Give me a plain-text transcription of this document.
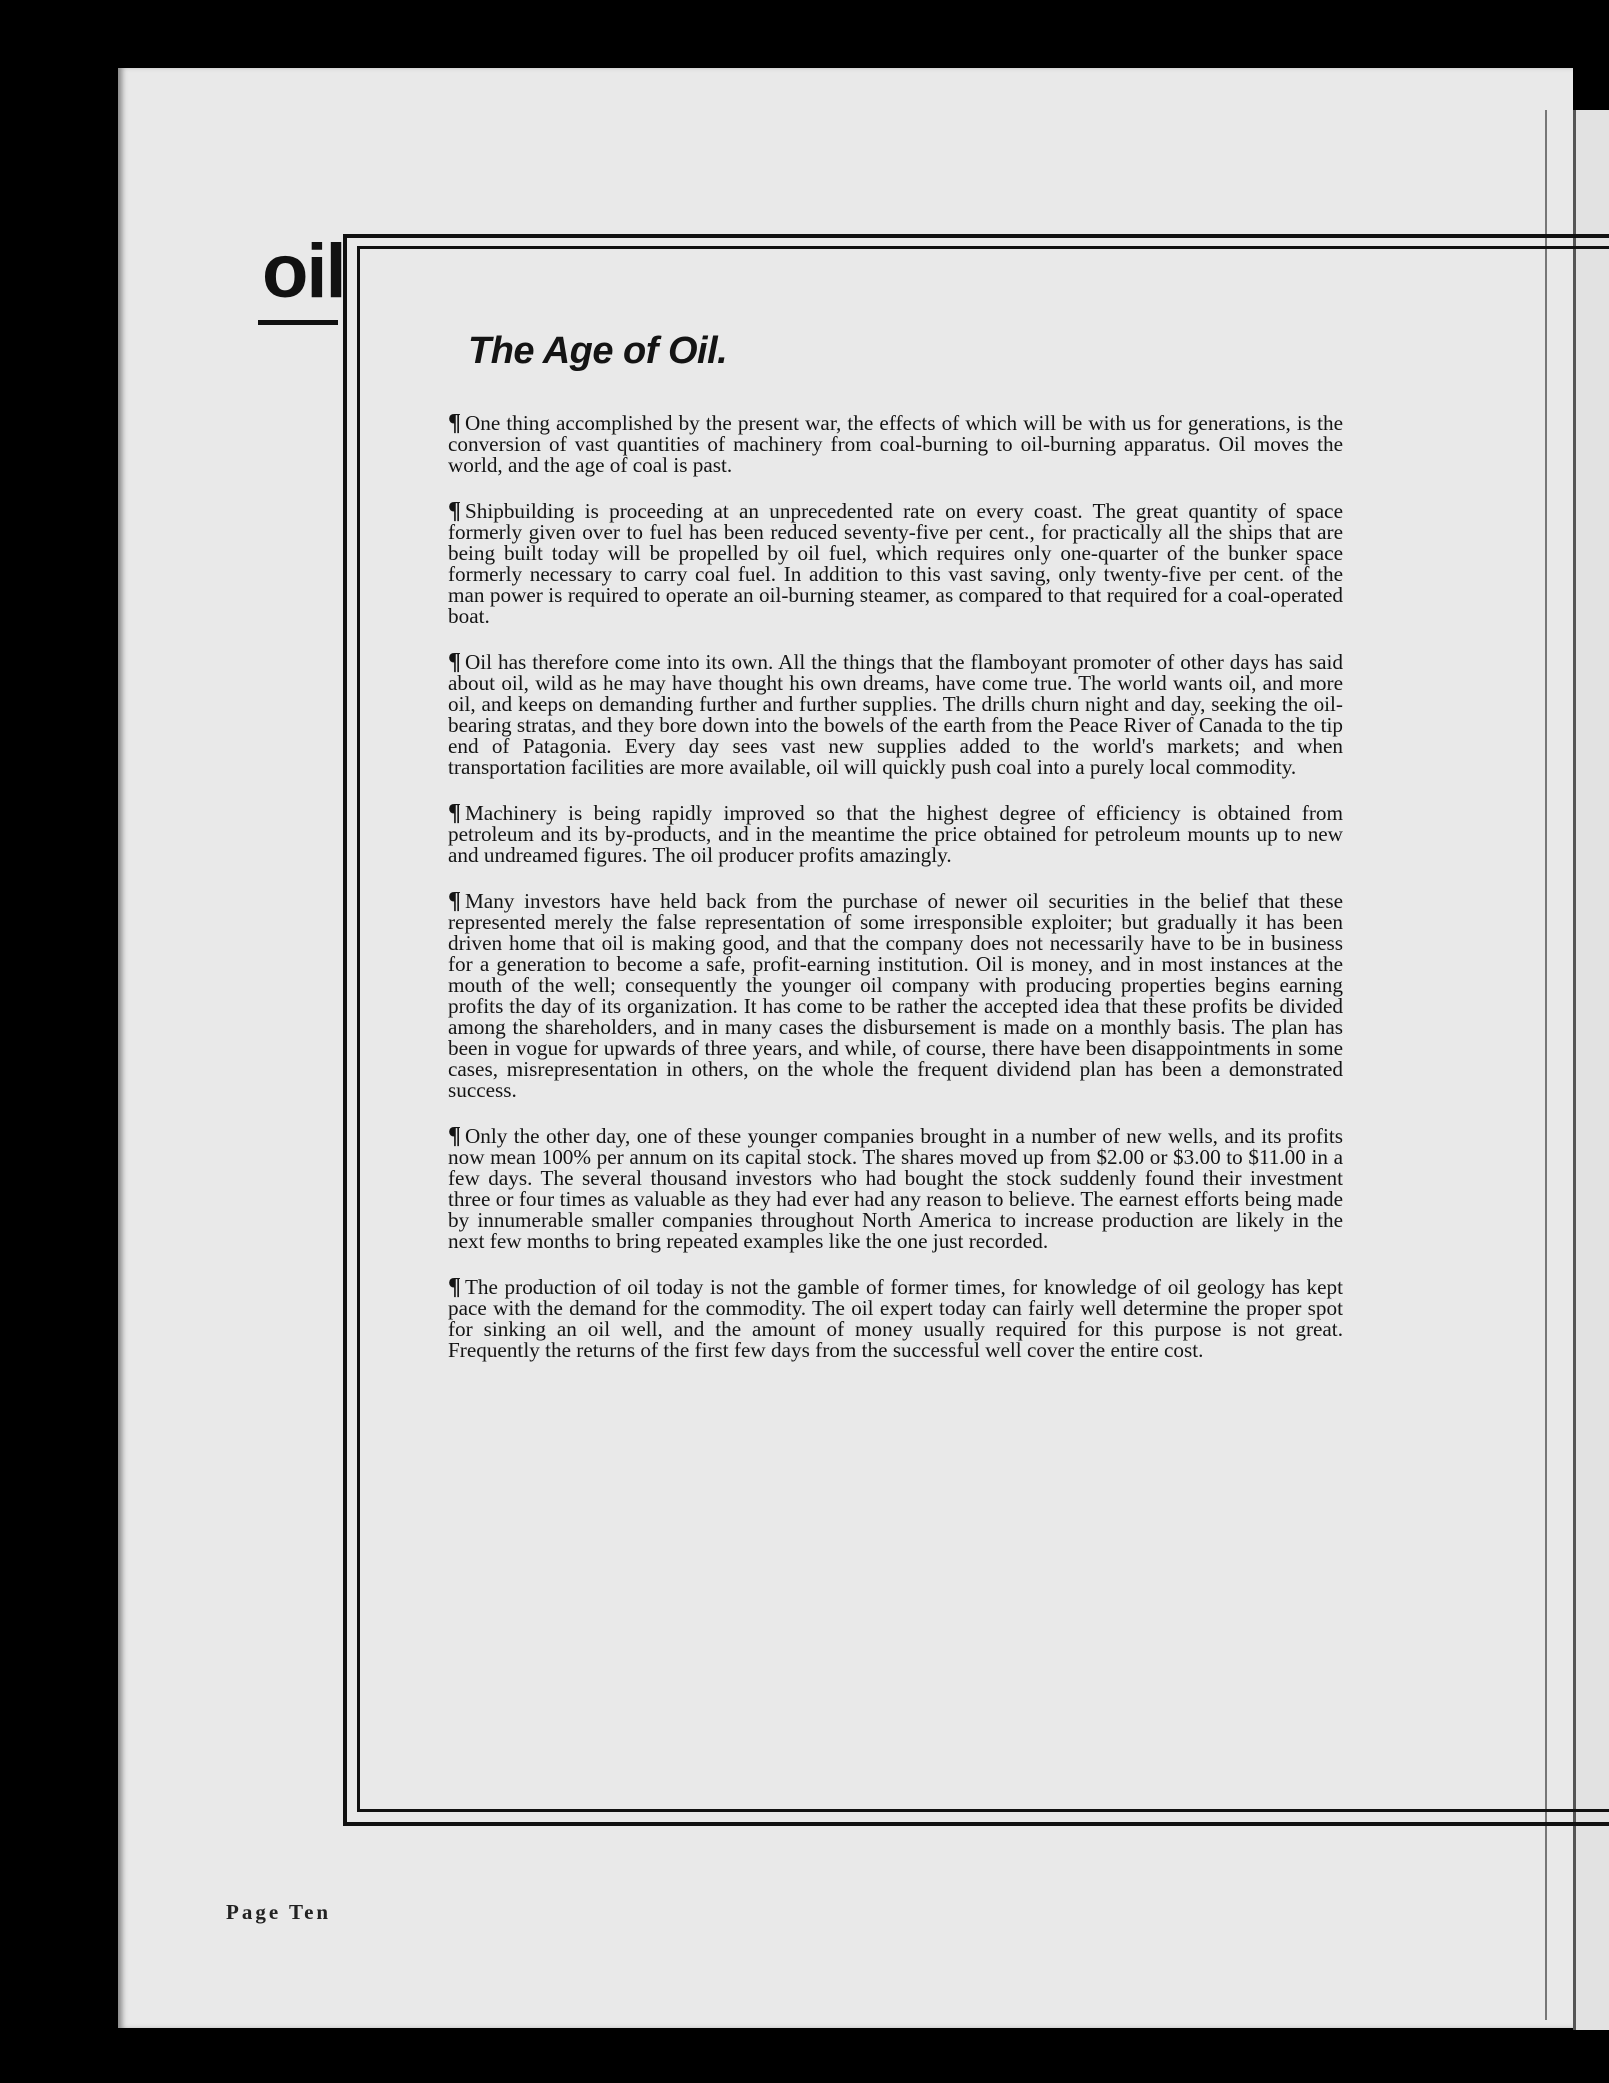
oil
The Age of Oil.

¶ One thing accomplished by the present war, the effects of which will be with us for generations, is the conversion of vast quantities of machinery from coal-burning to oil-burning apparatus. Oil moves the world, and the age of coal is past.

¶ Shipbuilding is proceeding at an unprecedented rate on every coast. The great quantity of space formerly given over to fuel has been reduced seventy-five per cent., for practically all the ships that are being built today will be propelled by oil fuel, which requires only one-quarter of the bunker space formerly necessary to carry coal fuel. In addition to this vast saving, only twenty-five per cent. of the man power is required to operate an oil-burning steamer, as compared to that required for a coal-operated boat.

¶ Oil has therefore come into its own. All the things that the flamboyant promoter of other days has said about oil, wild as he may have thought his own dreams, have come true. The world wants oil, and more oil, and keeps on demanding further and further supplies. The drills churn night and day, seeking the oil-bearing stratas, and they bore down into the bowels of the earth from the Peace River of Canada to the tip end of Patagonia. Every day sees vast new supplies added to the world's markets; and when transportation facilities are more available, oil will quickly push coal into a purely local commodity.

¶ Machinery is being rapidly improved so that the highest degree of efficiency is obtained from petroleum and its by-products, and in the meantime the price obtained for petroleum mounts up to new and undreamed figures. The oil producer profits amazingly.

¶ Many investors have held back from the purchase of newer oil securities in the belief that these represented merely the false representation of some irresponsible exploiter; but gradually it has been driven home that oil is making good, and that the company does not necessarily have to be in business for a generation to become a safe, profit-earning institution. Oil is money, and in most instances at the mouth of the well; consequently the younger oil company with producing properties begins earning profits the day of its organization. It has come to be rather the accepted idea that these profits be divided among the shareholders, and in many cases the disbursement is made on a monthly basis. The plan has been in vogue for upwards of three years, and while, of course, there have been disappointments in some cases, misrepresentation in others, on the whole the frequent dividend plan has been a demonstrated success.

¶ Only the other day, one of these younger companies brought in a number of new wells, and its profits now mean 100% per annum on its capital stock. The shares moved up from $2.00 or $3.00 to $11.00 in a few days. The several thousand investors who had bought the stock suddenly found their investment three or four times as valuable as they had ever had any reason to believe. The earnest efforts being made by innumerable smaller companies throughout North America to increase production are likely in the next few months to bring repeated examples like the one just recorded.

¶ The production of oil today is not the gamble of former times, for knowledge of oil geology has kept pace with the demand for the commodity. The oil expert today can fairly well determine the proper spot for sinking an oil well, and the amount of money usually required for this purpose is not great. Frequently the returns of the first few days from the successful well cover the entire cost.

Page Ten
